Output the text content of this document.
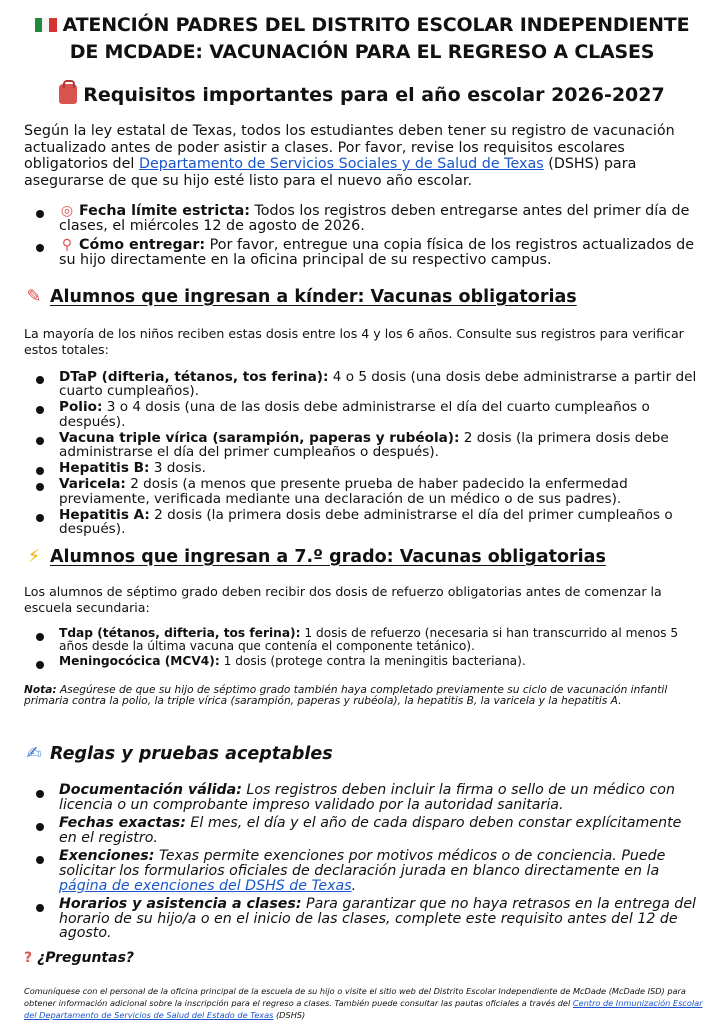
ATENCIÓN PADRES DEL DISTRITO ESCOLAR INDEPENDIENTE DE MCDADE: VACUNACIÓN PARA EL REGRESO A CLASES
Requisitos importantes para el año escolar 2026-2027

Según la ley estatal de Texas, todos los estudiantes deben tener su registro de vacunación actualizado antes de poder asistir a clases. Por favor, revise los requisitos escolares obligatorios del Departamento de Servicios Sociales y de Salud de Texas (DSHS) para asegurarse de que su hijo esté listo para el nuevo año escolar.

◎ Fecha límite estricta: Todos los registros deben entregarse antes del primer día de clases, el miércoles 12 de agosto de 2026.
⚲ Cómo entregar: Por favor, entregue una copia física de los registros actualizados de su hijo directamente en la oficina principal de su respectivo campus.
✎ Alumnos que ingresan a kínder: Vacunas obligatorias

La mayoría de los niños reciben estas dosis entre los 4 y los 6 años. Consulte sus registros para verificar estos totales:

DTaP (difteria, tétanos, tos ferina): 4 o 5 dosis (una dosis debe administrarse a partir del cuarto cumpleaños).
Polio: 3 o 4 dosis (una de las dosis debe administrarse el día del cuarto cumpleaños o después).
Vacuna triple vírica (sarampión, paperas y rubéola): 2 dosis (la primera dosis debe administrarse el día del primer cumpleaños o después).
Hepatitis B: 3 dosis.
Varicela: 2 dosis (a menos que presente prueba de haber padecido la enfermedad previamente, verificada mediante una declaración de un médico o de sus padres).
Hepatitis A: 2 dosis (la primera dosis debe administrarse el día del primer cumpleaños o después).
⚡ Alumnos que ingresan a 7.º grado: Vacunas obligatorias

Los alumnos de séptimo grado deben recibir dos dosis de refuerzo obligatorias antes de comenzar la escuela secundaria:

Tdap (tétanos, difteria, tos ferina): 1 dosis de refuerzo (necesaria si han transcurrido al menos 5 años desde la última vacuna que contenía el componente tetánico).
Meningocócica (MCV4): 1 dosis (protege contra la meningitis bacteriana).

Nota: Asegúrese de que su hijo de séptimo grado también haya completado previamente su ciclo de vacunación infantil primaria contra la polio, la triple vírica (sarampión, paperas y rubéola), la hepatitis B, la varicela y la hepatitis A.

✍ Reglas y pruebas aceptables
Documentación válida: Los registros deben incluir la firma o sello de un médico con licencia o un comprobante impreso validado por la autoridad sanitaria.
Fechas exactas: El mes, el día y el año de cada disparo deben constar explícitamente en el registro.
Exenciones: Texas permite exenciones por motivos médicos o de conciencia. Puede solicitar los formularios oficiales de declaración jurada en blanco directamente en la página de exenciones del DSHS de Texas.
Horarios y asistencia a clases: Para garantizar que no haya retrasos en la entrega del horario de su hijo/a o en el inicio de las clases, complete este requisito antes del 12 de agosto.
? ¿Preguntas?

Comuníquese con el personal de la oficina principal de la escuela de su hijo o visite el sitio web del Distrito Escolar Independiente de McDade (McDade ISD) para obtener información adicional sobre la inscripción para el regreso a clases. También puede consultar las pautas oficiales a través del Centro de Inmunización Escolar del Departamento de Servicios de Salud del Estado de Texas (DSHS)
